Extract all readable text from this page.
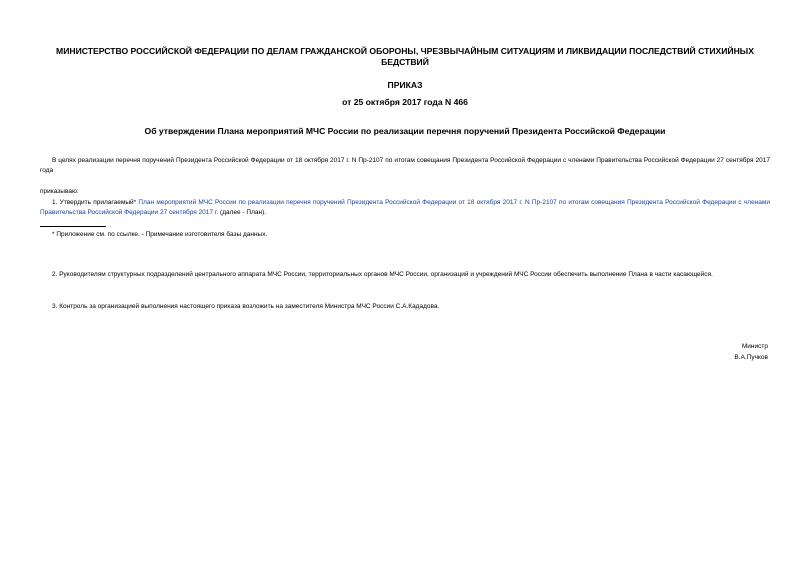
МИНИСТЕРСТВО РОССИЙСКОЙ ФЕДЕРАЦИИ ПО ДЕЛАМ ГРАЖДАНСКОЙ ОБОРОНЫ, ЧРЕЗВЫЧАЙНЫМ СИТУАЦИЯМ И ЛИКВИДАЦИИ ПОСЛЕДСТВИЙ СТИХИЙНЫХ БЕДСТВИЙ
ПРИКАЗ
от 25 октября 2017 года N 466
Об утверждении Плана мероприятий МЧС России по реализации перечня поручений Президента Российской Федерации
В целях реализации перечня поручений Президента Российской Федерации от 18 октября 2017 г. N Пр-2107 по итогам совещания Президента Российской Федерации с членами Правительства Российской Федерации 27 сентября 2017 года
приказываю:
1. Утвердить прилагаемый* План мероприятий МЧС России по реализации перечня поручений Президента Российской Федерации от 18 октября 2017 г. N Пр-2107 по итогам совещания Президента Российской Федерации с членами Правительства Российской Федерации 27 сентября 2017 г. (далее - План).
* Приложение см. по ссылке. - Примечание изготовителя базы данных.
2. Руководителям структурных подразделений центрального аппарата МЧС России, территориальных органов МЧС России, организаций и учреждений МЧС России обеспечить выполнение Плана в части касающейся.
3. Контроль за организацией выполнения настоящего приказа возложить на заместителя Министра МЧС России С.А.Кададова.
Министр
В.А.Пучков
